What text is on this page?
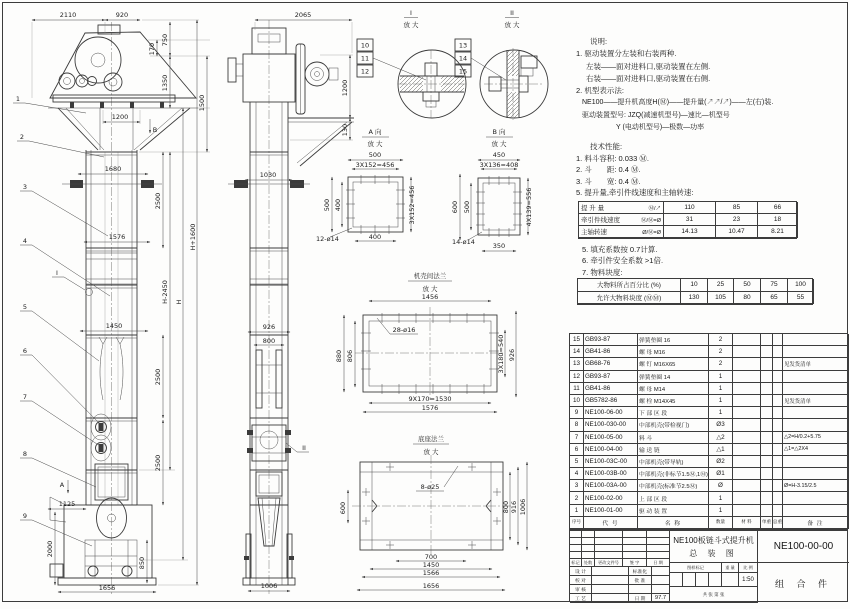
2110	920
170
750
1350
1500
1200
B
1680
2500
1576	H+1600
H-2450 H
1450
2500
2500
A
1125
2000
850
1656
1
2
3
4
I
5
6
7
8
9
2065
1200
130
1030
926
800
II
1006
I
放 大
10
11
12
II
放 大
13
14
15
A 向
放 大
500
3X152=456
500 400	3X152=456
12-ø14	400
B 向
放 大
450
3X136=408
600 500	4X139=556
14-ø14	350
机壳间法兰
放 大
1456
28-ø16
880 806	3X180=540 926
9X170=1530
1576
底座法兰
放 大
8-ø25
600	800 916 1006
700
1450
1566
1656
说明:
1. 驱动装置分左装和右装两种.
左装——面对进料口,驱动装置在左侧.
右装——面对进料口,驱动装置在右侧.
2. 机型表示法:
NE100——提升机高度H(Ⓜ)——提升量(↗↗/↗)——左(右)装.
驱动装置型号: JZQ(减速机型号)—速比—机型号
Y (电动机型号)—极数—功率
技术性能:
1. 料斗容积: 0.033 Ⓜ.
2. 斗　　距: 0.4 Ⓜ.
3. 斗　　宽: 0.4 Ⓜ.
5. 提升量,牵引件线速度和主轴转速:
提 升 量	Ⓜ/↗	110	85	66
牵引件线速度	Ⓜ/Ⓜ=Ø	31	23	18
主轴转速	Ø/Ⓜ=Ø	14.13	10.47	8.21
5. 填充系数按 0.7计算.
6. 牵引件安全系数 >1倍.
7. 物料块度:
大物料所占百分比 (%)	10	25	50	75	100
允许大物料块度 (ⓂⓂ)	130	105	80	65	55
15 GB93-87	弹簧垫圈 16	2
14 GB41-86	螺 母 M16	2
13 GB68-76	螺 钉 M16X65	2	见发货清单
12 GB93-87	弹簧垫圈 14	1
11 GB41-86	螺 母 M14	1
10 GB5782-86	螺 栓 M14X45	1	见发货清单
9	NE100-06-00	下 部 区 段	1
8	NE100-030-00	中部机壳(带检视门)	Ø3
7	NE100-05-00	料 斗	△2	△2=H/0.2+5.75
6	NE100-04-00	输 送 链	△1	△1=△2X4
5	NE100-03C-00	中部机壳(带导轨)	Ø2
4	NE100-03B-00	中部机壳(非标节1.5Ⓜ,1Ⓜ)	Ø1
3	NE100-03A-00	中部机壳(标准节2.5Ⓜ)	Ø	Ø=H-3.15/2.5
2	NE100-02-00	上 部 区 段	1
1	NE100-01-00	驱 动 装 置	1
序号	代 号	名 称	数量	材 料	单重 总重	备 注
标记 处数	更改文件号	签 字	日 期
设 计	标准化
校 对	批 准
审 核
工 艺	日 期	97.7
NE100板链斗式提升机
总 装 图
图样标记	重 量	比 例
1:50
共 张 第 张
NE100-00-00
组 合 件
